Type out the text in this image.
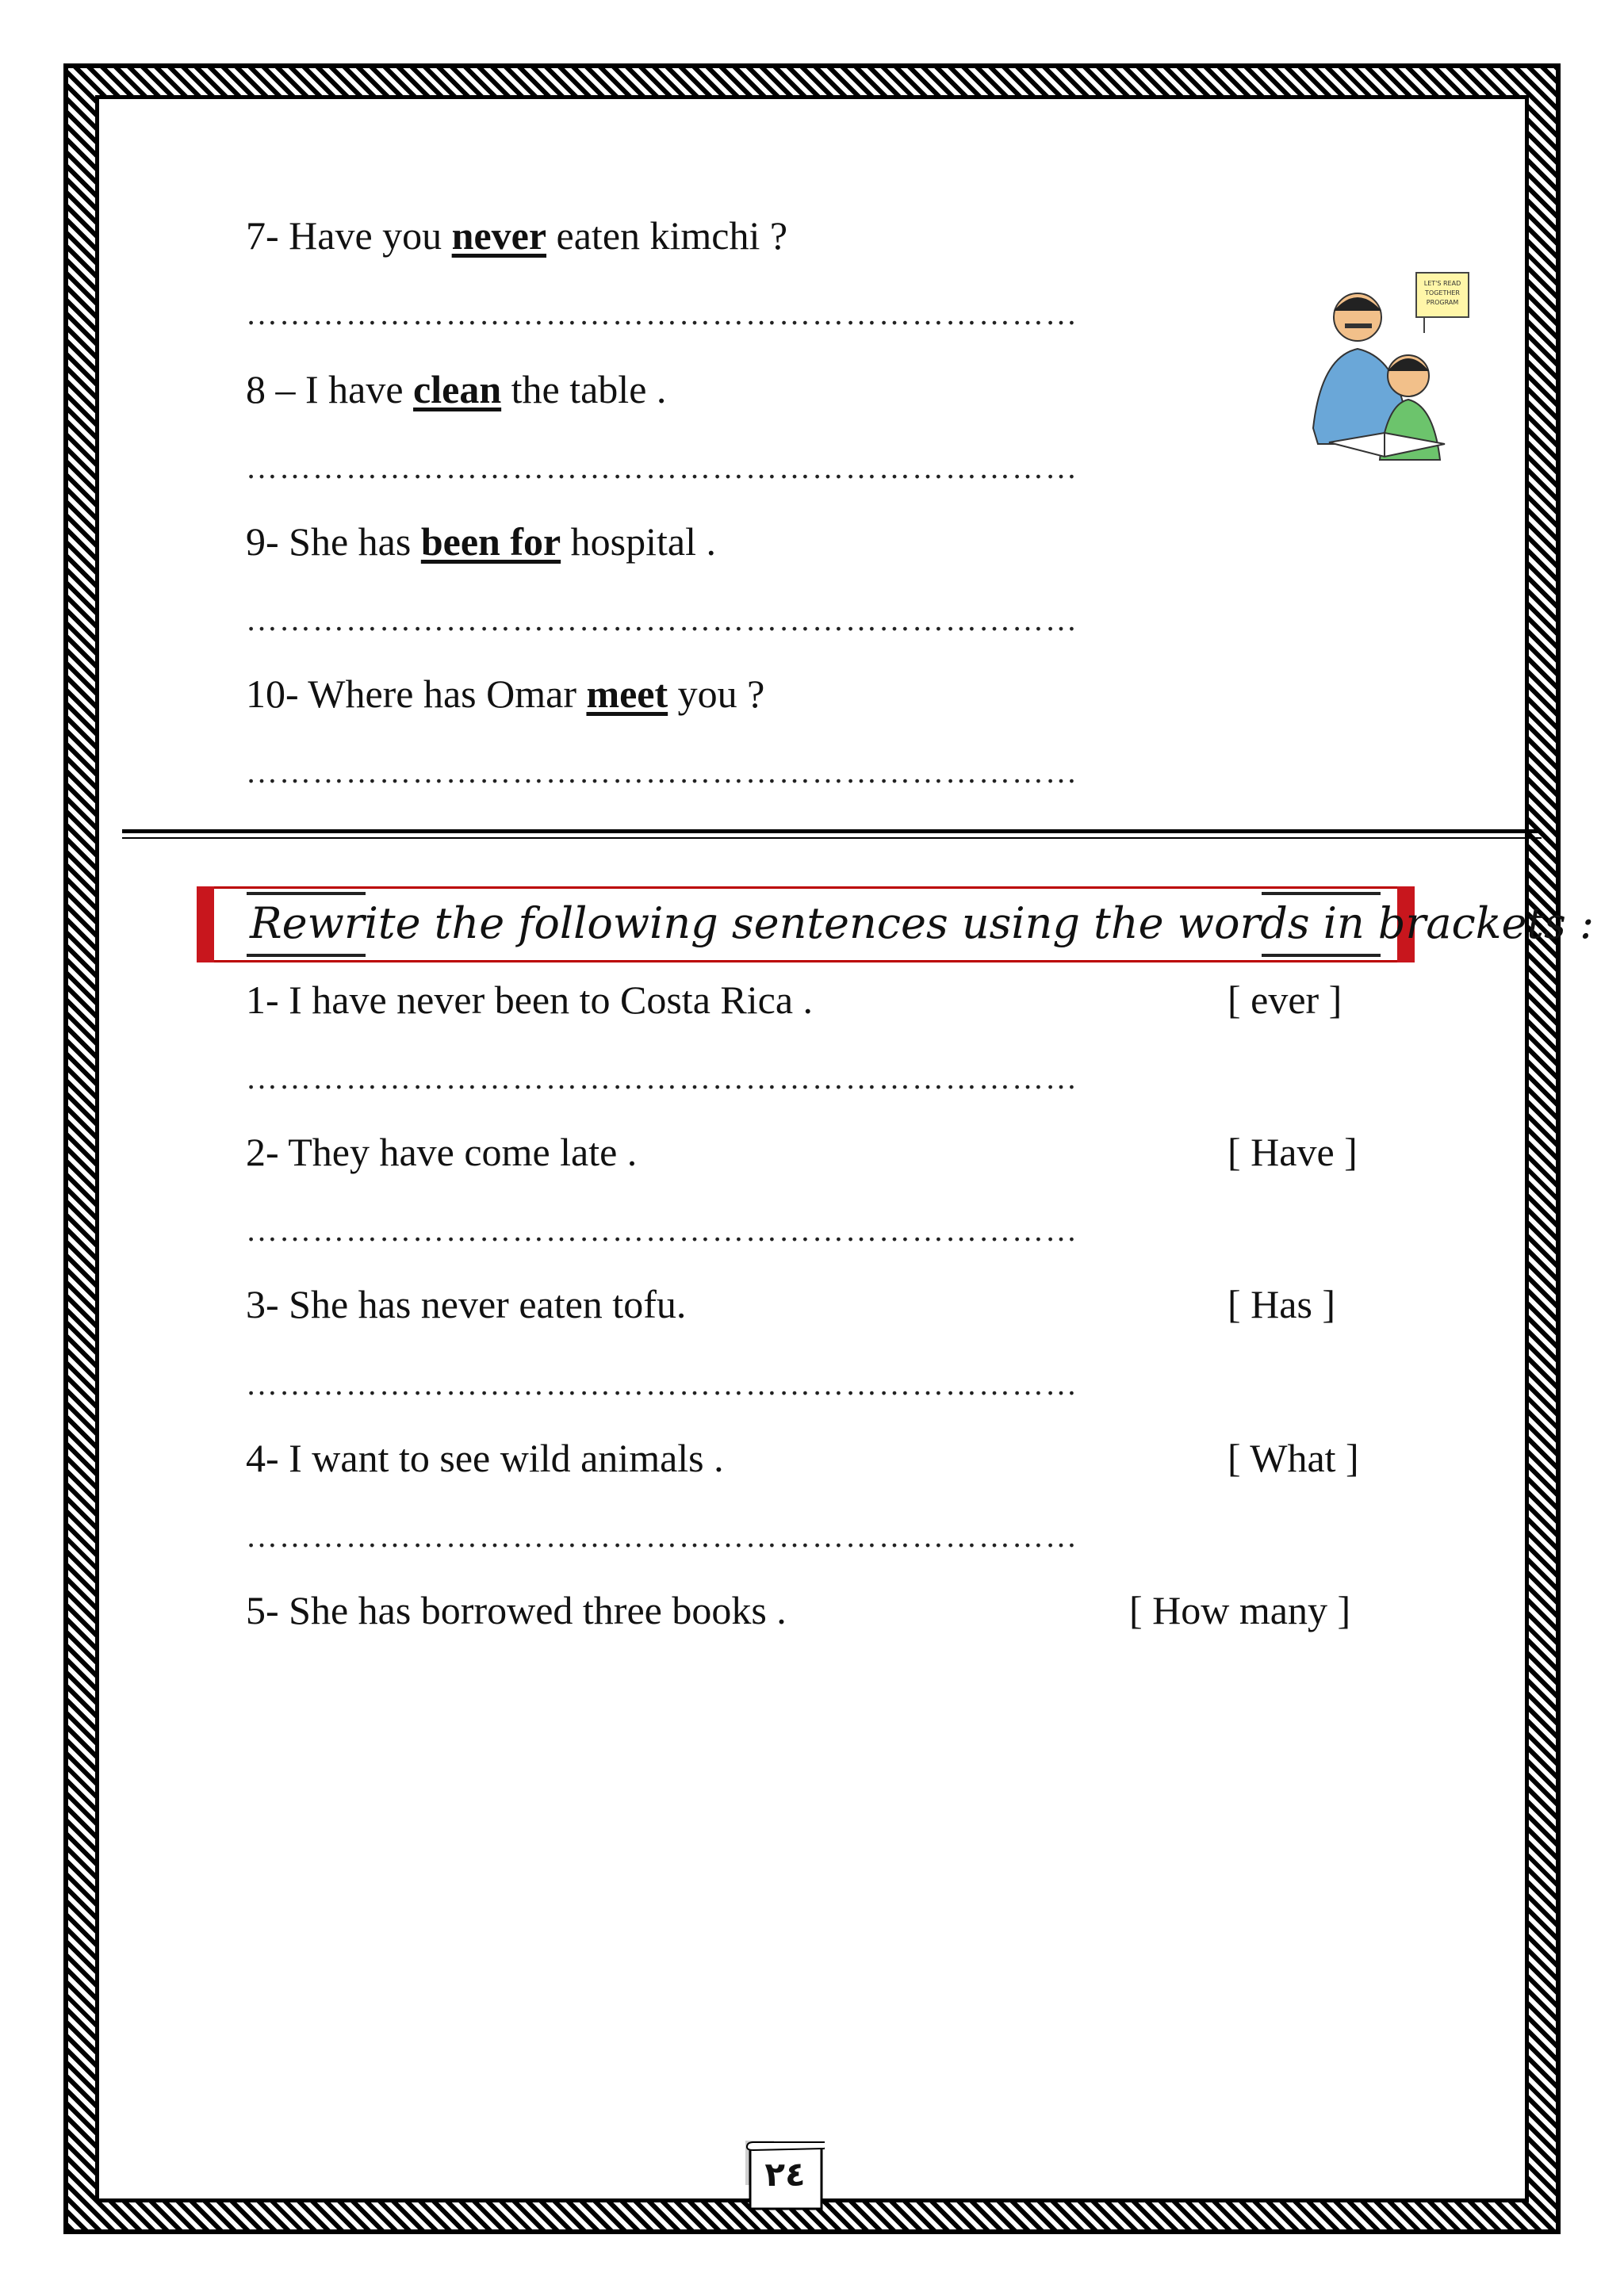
7- Have you never eaten kimchi ?
…………………………………………………………………
8 – I have clean the table .
…………………………………………………………………
9- She has been for hospital .
…………………………………………………………………
10- Where has Omar meet you ?
…………………………………………………………………
LET'S READ
TOGETHER
PROGRAM
Rewrite the following sentences using the words in brackets :
1- I have never been to Costa Rica .	[ ever ]
…………………………………………………………………
2- They have come late .	[ Have ]
…………………………………………………………………
3- She has never eaten tofu.	[ Has ]
…………………………………………………………………
4- I want to see wild animals .	[ What ]
…………………………………………………………………
5- She has borrowed three books .	[ How many ]
٢٤
